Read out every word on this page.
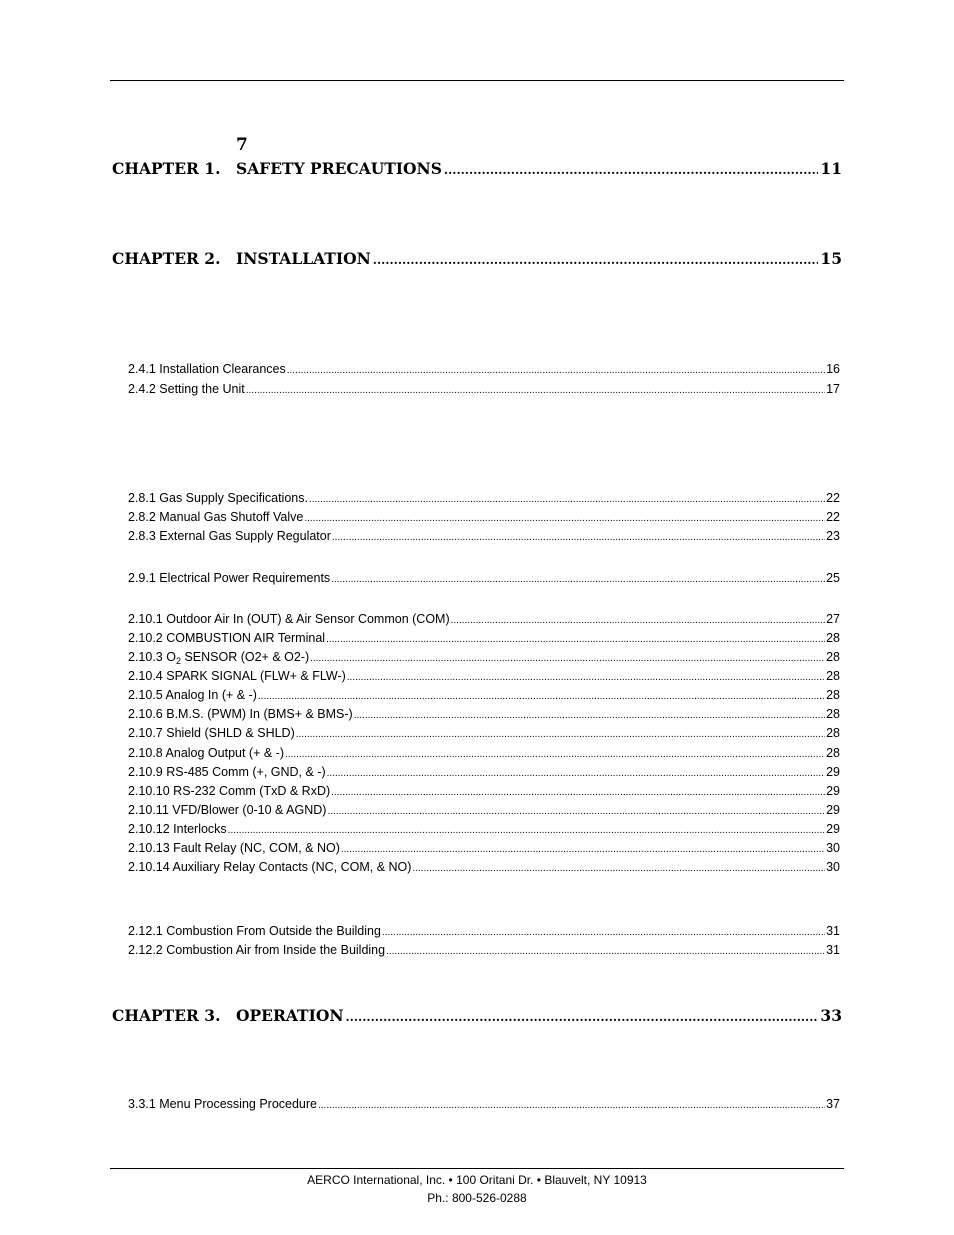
7
CHAPTER 1.	SAFETY PRECAUTIONS .....	11
CHAPTER 2.	INSTALLATION .....	15
2.4.1 Installation Clearances .....	16
2.4.2 Setting the Unit .....	17
2.8.1 Gas Supply Specifications. .....	22
2.8.2 Manual Gas Shutoff Valve .....	22
2.8.3 External Gas Supply Regulator .....	23
2.9.1 Electrical Power Requirements .....	25
2.10.1 Outdoor Air In (OUT) & Air Sensor Common (COM) .....	27
2.10.2 COMBUSTION AIR Terminal .....	28
2.10.3 $O_2$ SENSOR (O2+ & O2-) .....	28
2.10.4 SPARK SIGNAL (FLW+ & FLW-) .....	28
2.10.5 Analog In (+ & -) .....	28
2.10.6 B.M.S. (PWM) In (BMS+ & BMS-) .....	28
2.10.7 Shield (SHLD & SHLD) .....	28
2.10.8 Analog Output (+ & -) .....	28
2.10.9 RS-485 Comm (+, GND, & -) .....	29
2.10.10 RS-232 Comm (TxD & RxD) .....	29
2.10.11 VFD/Blower (0-10 & AGND) .....	29
2.10.12 Interlocks .....	29
2.10.13 Fault Relay (NC, COM, & NO) .....	30
2.10.14 Auxiliary Relay Contacts (NC, COM, & NO) .....	30
2.12.1 Combustion From Outside the Building .....	31
2.12.2 Combustion Air from Inside the Building .....	31
CHAPTER 3.	OPERATION .....	33
3.3.1 Menu Processing Procedure .....	37
AERCO International, Inc. • 100 Oritani Dr. • Blauvelt, NY 10913
Ph.: 800-526-0288
